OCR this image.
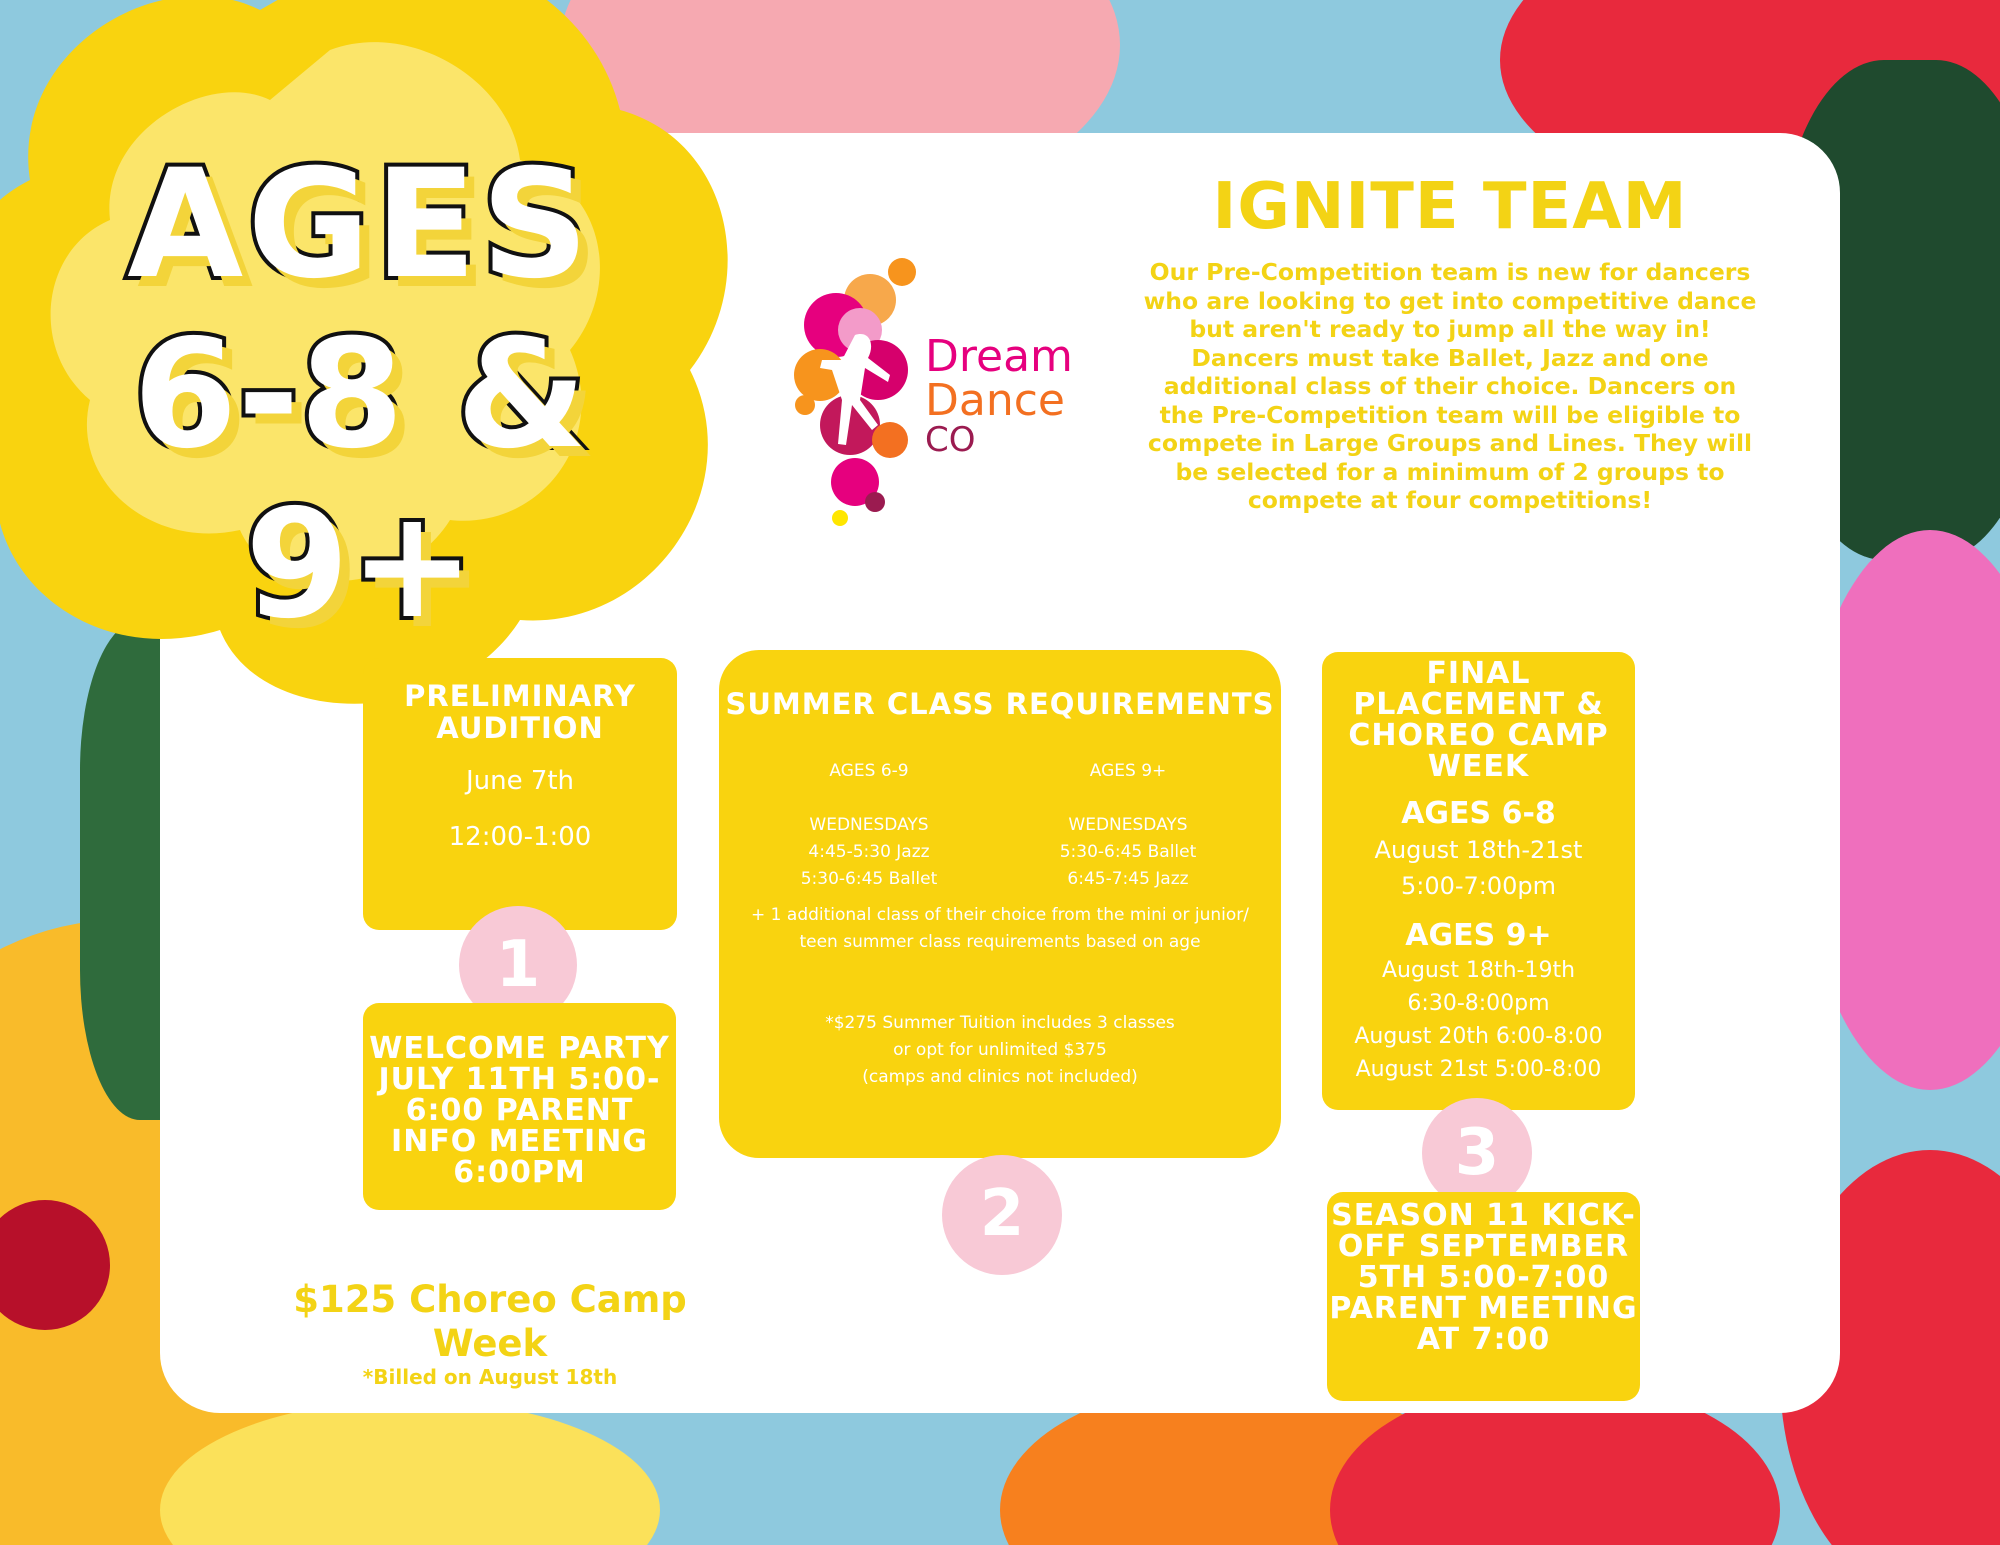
AGES
6-8 & 9+
Dream
Dance
CO
IGNITE TEAM
Our Pre-Competition team is new for dancers who are looking to get into competitive dance but aren't ready to jump all the way in! Dancers must take Ballet, Jazz and one additional class of their choice. Dancers on the Pre-Competition team will be eligible to compete in Large Groups and Lines. They will be selected for a minimum of 2 groups to compete at four competitions!
PRELIMINARY AUDITION
June 7th
12:00-1:00
1
WELCOME PARTY JULY 11TH 5:00-6:00 PARENT INFO MEETING 6:00PM
SUMMER CLASS REQUIREMENTS
AGES 6-9

WEDNESDAYS
4:45-5:30 Jazz
5:30-6:45 Ballet
AGES 9+

WEDNESDAYS
5:30-6:45 Ballet
6:45-7:45 Jazz
+ 1 additional class of their choice from the mini or junior/ teen summer class requirements based on age
*$275 Summer Tuition includes 3 classes
or opt for unlimited $375
(camps and clinics not included)
2
FINAL PLACEMENT & CHOREO CAMP WEEK
AGES 6-8
August 18th-21st
5:00-7:00pm
AGES 9+
August 18th-19th
6:30-8:00pm
August 20th 6:00-8:00
August 21st 5:00-8:00
3
SEASON 11 KICK-OFF SEPTEMBER 5TH 5:00-7:00 PARENT MEETING AT 7:00
$125 Choreo Camp Week
*Billed on August 18th
